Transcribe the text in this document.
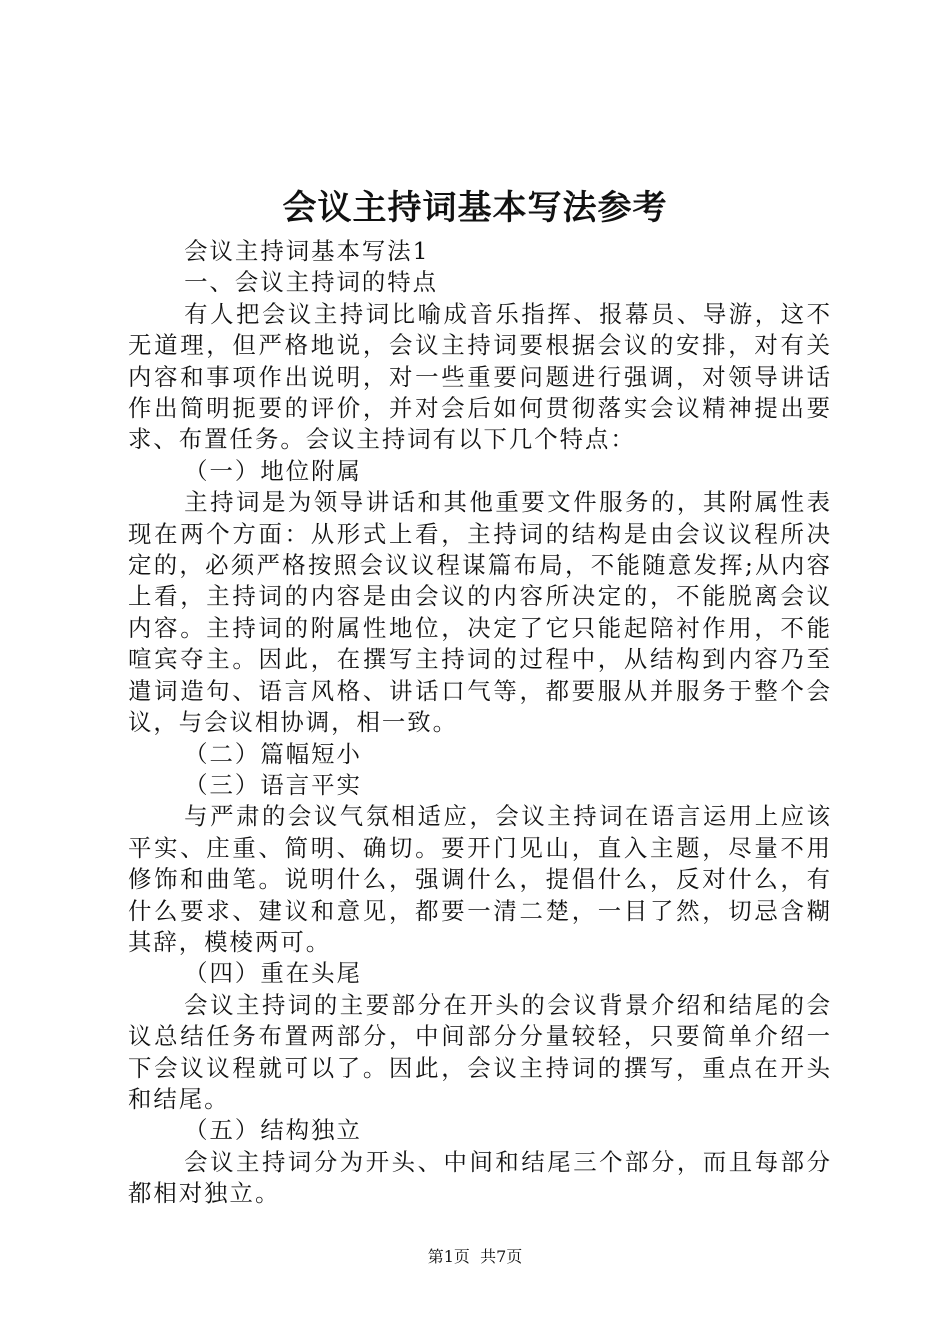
会议主持词基本写法参考

会议主持词基本写法1

一、会议主持词的特点

有人把会议主持词比喻成音乐指挥、报幕员、导游，这不无道理，但严格地说，会议主持词要根据会议的安排，对有关内容和事项作出说明，对一些重要问题进行强调，对领导讲话作出简明扼要的评价，并对会后如何贯彻落实会议精神提出要求、布置任务。会议主持词有以下几个特点：

（一）地位附属

主持词是为领导讲话和其他重要文件服务的，其附属性表现在两个方面：从形式上看，主持词的结构是由会议议程所决定的，必须严格按照会议议程谋篇布局，不能随意发挥;从内容上看，主持词的内容是由会议的内容所决定的，不能脱离会议内容。主持词的附属性地位，决定了它只能起陪衬作用，不能喧宾夺主。因此，在撰写主持词的过程中，从结构到内容乃至遣词造句、语言风格、讲话口气等，都要服从并服务于整个会议，与会议相协调，相一致。

（二）篇幅短小

（三）语言平实

与严肃的会议气氛相适应，会议主持词在语言运用上应该平实、庄重、简明、确切。要开门见山，直入主题，尽量不用修饰和曲笔。说明什么，强调什么，提倡什么，反对什么，有什么要求、建议和意见，都要一清二楚，一目了然，切忌含糊其辞，模棱两可。

（四）重在头尾

会议主持词的主要部分在开头的会议背景介绍和结尾的会议总结任务布置两部分，中间部分分量较轻，只要简单介绍一下会议议程就可以了。因此，会议主持词的撰写，重点在开头和结尾。

（五）结构独立

会议主持词分为开头、中间和结尾三个部分，而且每部分都相对独立。

第1页 共7页
